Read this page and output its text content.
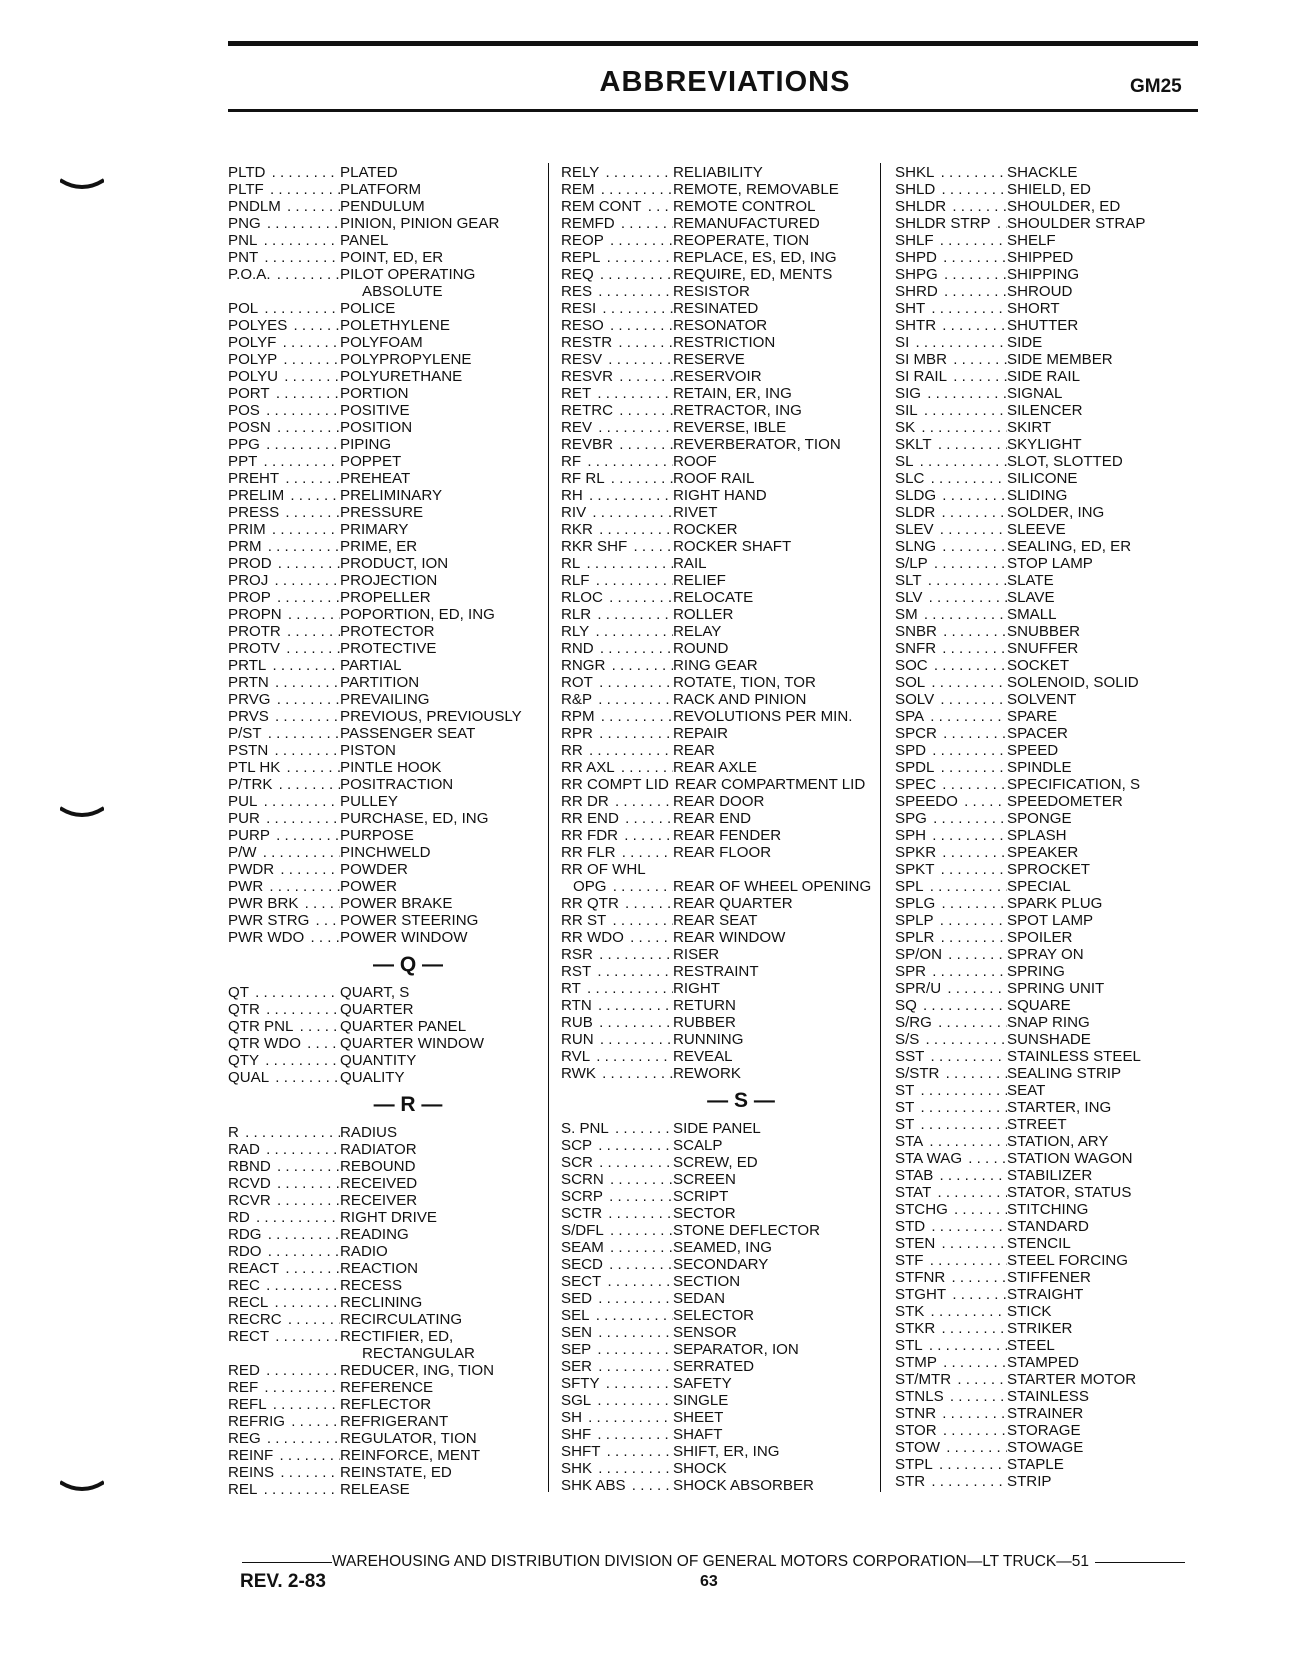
ABBREVIATIONS	GM25
PLTD . . .	PLATED
PLTF . . .	PLATFORM
PNDLM . . .	PENDULUM
PNG . . .	PINION, PINION GEAR
PNL . . .	PANEL
PNT . . .	POINT, ED, ER
P.O.A. . . .	PILOT OPERATING
ABSOLUTE
POL . . .	POLICE
POLYES . . .	POLETHYLENE
POLYF . . .	POLYFOAM
POLYP . . .	POLYPROPYLENE
POLYU . . .	POLYURETHANE
PORT . . .	PORTION
POS . . .	POSITIVE
POSN . . .	POSITION
PPG . . .	PIPING
PPT . . .	POPPET
PREHT . . .	PREHEAT
PRELIM . . .	PRELIMINARY
PRESS . . .	PRESSURE
PRIM . . .	PRIMARY
PRM . . .	PRIME, ER
PROD . . .	PRODUCT, ION
PROJ . . .	PROJECTION
PROP . . .	PROPELLER
PROPN . . .	POPORTION, ED, ING
PROTR . . .	PROTECTOR
PROTV . . .	PROTECTIVE
PRTL . . .	PARTIAL
PRTN . . .	PARTITION
PRVG . . .	PREVAILING
PRVS . . .	PREVIOUS, PREVIOUSLY
P/ST . . .	PASSENGER SEAT
PSTN . . .	PISTON
PTL HK . . .	PINTLE HOOK
P/TRK . . .	POSITRACTION
PUL . . .	PULLEY
PUR . . .	PURCHASE, ED, ING
PURP . . .	PURPOSE
P/W . . .	PINCHWELD
PWDR . . .	POWDER
PWR . . .	POWER
PWR BRK . . .	POWER BRAKE
PWR STRG . . .	POWER STEERING
PWR WDO . . .	POWER WINDOW
— Q —
QT . . .	QUART, S
QTR . . .	QUARTER
QTR PNL . . .	QUARTER PANEL
QTR WDO . . .	QUARTER WINDOW
QTY . . .	QUANTITY
QUAL . . .	QUALITY
— R —
R . . .	RADIUS
RAD . . .	RADIATOR
RBND . . .	REBOUND
RCVD . . .	RECEIVED
RCVR . . .	RECEIVER
RD . . .	RIGHT DRIVE
RDG . . .	READING
RDO . . .	RADIO
REACT . . .	REACTION
REC . . .	RECESS
RECL . . .	RECLINING
RECRC . . .	RECIRCULATING
RECT . . .	RECTIFIER, ED,
RECTANGULAR
RED . . .	REDUCER, ING, TION
REF . . .	REFERENCE
REFL . . .	REFLECTOR
REFRIG . . .	REFRIGERANT
REG . . .	REGULATOR, TION
REINF . . .	REINFORCE, MENT
REINS . . .	REINSTATE, ED
REL . . .	RELEASE
RELY . . .	RELIABILITY
REM . . .	REMOTE, REMOVABLE
REM CONT . . .	REMOTE CONTROL
REMFD . . .	REMANUFACTURED
REOP . . .	REOPERATE, TION
REPL . . .	REPLACE, ES, ED, ING
REQ . . .	REQUIRE, ED, MENTS
RES . . .	RESISTOR
RESI . . .	RESINATED
RESO . . .	RESONATOR
RESTR . . .	RESTRICTION
RESV . . .	RESERVE
RESVR . . .	RESERVOIR
RET . . .	RETAIN, ER, ING
RETRC . . .	RETRACTOR, ING
REV . . .	REVERSE, IBLE
REVBR . . .	REVERBERATOR, TION
RF . . .	ROOF
RF RL . . .	ROOF RAIL
RH . . .	RIGHT HAND
RIV . . .	RIVET
RKR . . .	ROCKER
RKR SHF . . .	ROCKER SHAFT
RL . . .	RAIL
RLF . . .	RELIEF
RLOC . . .	RELOCATE
RLR . . .	ROLLER
RLY . . .	RELAY
RND . . .	ROUND
RNGR . . .	RING GEAR
ROT . . .	ROTATE, TION, TOR
R&P . . .	RACK AND PINION
RPM . . .	REVOLUTIONS PER MIN.
RPR . . .	REPAIR
RR . . .	REAR
RR AXL . . .	REAR AXLE
RR COMPT LID REAR COMPARTMENT LID
RR DR . . .	REAR DOOR
RR END . . .	REAR END
RR FDR . . .	REAR FENDER
RR FLR . . .	REAR FLOOR
RR OF WHL
OPG . . .	REAR OF WHEEL OPENING
RR QTR . . .	REAR QUARTER
RR ST . . .	REAR SEAT
RR WDO . . .	REAR WINDOW
RSR . . .	RISER
RST . . .	RESTRAINT
RT . . .	RIGHT
RTN . . .	RETURN
RUB . . .	RUBBER
RUN . . .	RUNNING
RVL . . .	REVEAL
RWK . . .	REWORK
— S —
S. PNL . . .	SIDE PANEL
SCP . . .	SCALP
SCR . . .	SCREW, ED
SCRN . . .	SCREEN
SCRP . . .	SCRIPT
SCTR . . .	SECTOR
S/DFL . . .	STONE DEFLECTOR
SEAM . . .	SEAMED, ING
SECD . . .	SECONDARY
SECT . . .	SECTION
SED . . .	SEDAN
SEL . . .	SELECTOR
SEN . . .	SENSOR
SEP . . .	SEPARATOR, ION
SER . . .	SERRATED
SFTY . . .	SAFETY
SGL . . .	SINGLE
SH . . .	SHEET
SHF . . .	SHAFT
SHFT . . .	SHIFT, ER, ING
SHK . . .	SHOCK
SHK ABS . . .	SHOCK ABSORBER
SHKL . . .	SHACKLE
SHLD . . .	SHIELD, ED
SHLDR . . .	SHOULDER, ED
SHLDR STRP . . .	SHOULDER STRAP
SHLF . . .	SHELF
SHPD . . .	SHIPPED
SHPG . . .	SHIPPING
SHRD . . .	SHROUD
SHT . . .	SHORT
SHTR . . .	SHUTTER
SI . . .	SIDE
SI MBR . . .	SIDE MEMBER
SI RAIL . . .	SIDE RAIL
SIG . . .	SIGNAL
SIL . . .	SILENCER
SK . . .	SKIRT
SKLT . . .	SKYLIGHT
SL . . .	SLOT, SLOTTED
SLC . . .	SILICONE
SLDG . . .	SLIDING
SLDR . . .	SOLDER, ING
SLEV . . .	SLEEVE
SLNG . . .	SEALING, ED, ER
S/LP . . .	STOP LAMP
SLT . . .	SLATE
SLV . . .	SLAVE
SM . . .	SMALL
SNBR . . .	SNUBBER
SNFR . . .	SNUFFER
SOC . . .	SOCKET
SOL . . .	SOLENOID, SOLID
SOLV . . .	SOLVENT
SPA . . .	SPARE
SPCR . . .	SPACER
SPD . . .	SPEED
SPDL . . .	SPINDLE
SPEC . . .	SPECIFICATION, S
SPEEDO . . .	SPEEDOMETER
SPG . . .	SPONGE
SPH . . .	SPLASH
SPKR . . .	SPEAKER
SPKT . . .	SPROCKET
SPL . . .	SPECIAL
SPLG . . .	SPARK PLUG
SPLP . . .	SPOT LAMP
SPLR . . .	SPOILER
SP/ON . . .	SPRAY ON
SPR . . .	SPRING
SPR/U . . .	SPRING UNIT
SQ . . .	SQUARE
S/RG . . .	SNAP RING
S/S . . .	SUNSHADE
SST . . .	STAINLESS STEEL
S/STR . . .	SEALING STRIP
ST . . .	SEAT
ST . . .	STARTER, ING
ST . . .	STREET
STA . . .	STATION, ARY
STA WAG . . .	STATION WAGON
STAB . . .	STABILIZER
STAT . . .	STATOR, STATUS
STCHG . . .	STITCHING
STD . . .	STANDARD
STEN . . .	STENCIL
STF . . .	STEEL FORCING
STFNR . . .	STIFFENER
STGHT . . .	STRAIGHT
STK . . .	STICK
STKR . . .	STRIKER
STL . . .	STEEL
STMP . . .	STAMPED
ST/MTR . . .	STARTER MOTOR
STNLS . . .	STAINLESS
STNR . . .	STRAINER
STOR . . .	STORAGE
STOW . . .	STOWAGE
STPL . . .	STAPLE
STR . . .	STRIP
WAREHOUSING AND DISTRIBUTION DIVISION OF GENERAL MOTORS CORPORATION—LT TRUCK—51
REV. 2-83	63
